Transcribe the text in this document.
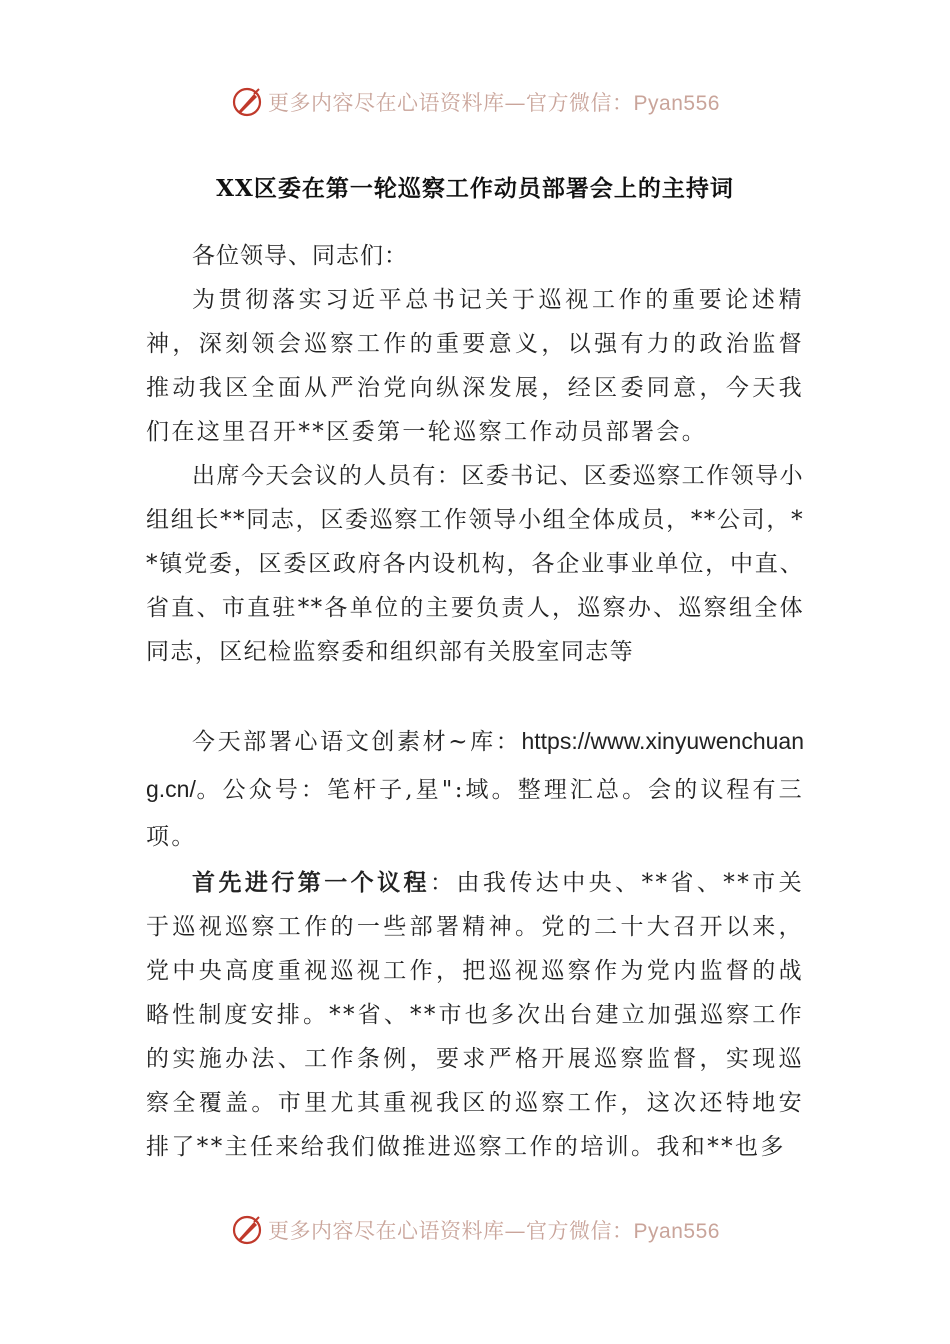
更多内容尽在心语资料库—官方微信：Pyan556
XX区委在第一轮巡察工作动员部署会上的主持词

各位领导、同志们：

为贯彻落实习近平总书记关于巡视工作的重要论述精神，深刻领会巡察工作的重要意义，以强有力的政治监督推动我区全面从严治党向纵深发展，经区委同意，今天我们在这里召开**区委第一轮巡察工作动员部署会。

出席今天会议的人员有：区委书记、区委巡察工作领导小组组长**同志，区委巡察工作领导小组全体成员，**公司，**镇党委，区委区政府各内设机构，各企业事业单位，中直、省直、市直驻**各单位的主要负责人，巡察办、巡察组全体同志，区纪检监察委和组织部有关股室同志等

今天部署心语文创素材~库：https://www.xinyuwenchuang.cn/。公众号：笔杆子,星":域。整理汇总。会的议程有三项。

首先进行第一个议程：由我传达中央、**省、**市关于巡视巡察工作的一些部署精神。党的二十大召开以来，党中央高度重视巡视工作，把巡视巡察作为党内监督的战略性制度安排。**省、**市也多次出台建立加强巡察工作的实施办法、工作条例，要求严格开展巡察监督，实现巡察全覆盖。市里尤其重视我区的巡察工作，这次还特地安排了**主任来给我们做推进巡察工作的培训。我和**也多

更多内容尽在心语资料库—官方微信：Pyan556
